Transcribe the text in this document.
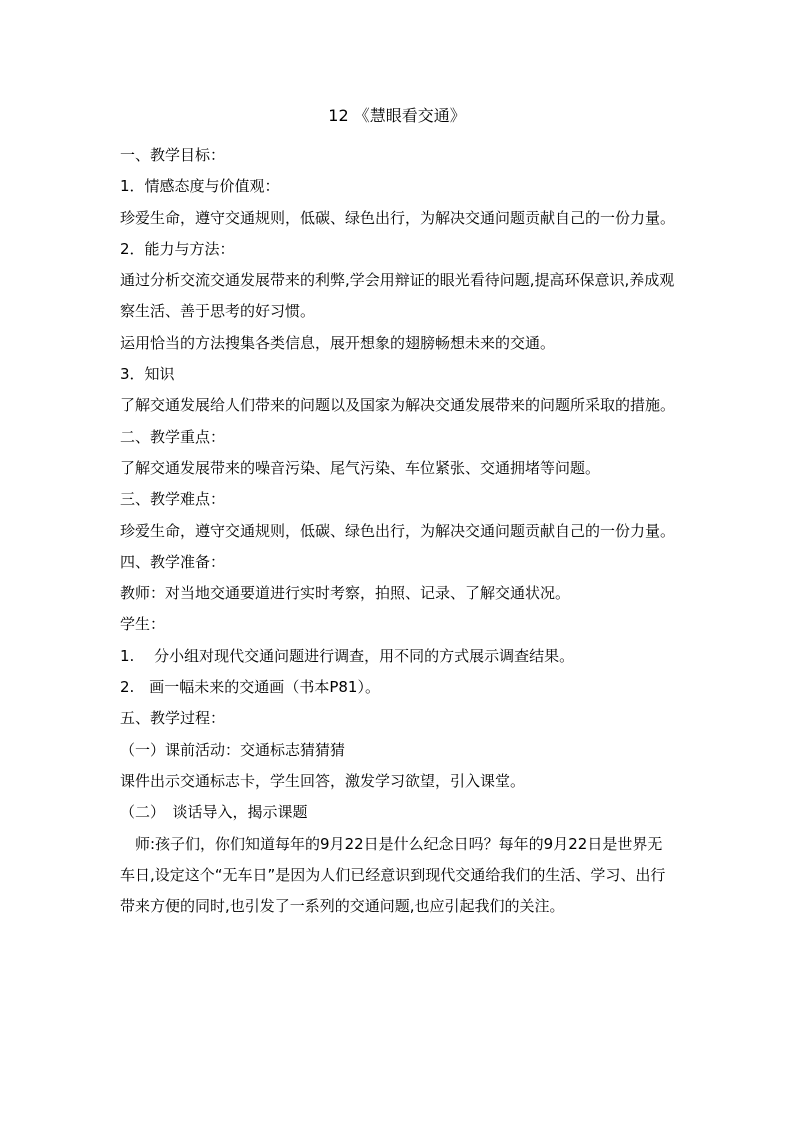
12 《慧眼看交通》

一、教学目标：

1．情感态度与价值观：

珍爱生命，遵守交通规则，低碳、绿色出行，为解决交通问题贡献自己的一份力量。

2．能力与方法：

通过分析交流交通发展带来的利弊,学会用辩证的眼光看待问题,提高环保意识,养成观察生活、善于思考的好习惯。

运用恰当的方法搜集各类信息，展开想象的翅膀畅想未来的交通。

3．知识

了解交通发展给人们带来的问题以及国家为解决交通发展带来的问题所采取的措施。

二、教学重点：

了解交通发展带来的噪音污染、尾气污染、车位紧张、交通拥堵等问题。

三、教学难点：

珍爱生命，遵守交通规则，低碳、绿色出行，为解决交通问题贡献自己的一份力量。

四、教学准备：

教师：对当地交通要道进行实时考察，拍照、记录、了解交通状况。

学生：

1.　 分小组对现代交通问题进行调查，用不同的方式展示调查结果。

2.　画一幅未来的交通画（书本P81）。

五、教学过程：

（一）课前活动：交通标志猜猜猜

课件出示交通标志卡，学生回答，激发学习欲望，引入课堂。

（二）　谈话导入，揭示课题

　师:孩子们，你们知道每年的9月22日是什么纪念日吗？每年的9月22日是世界无车日,设定这个“无车日”是因为人们已经意识到现代交通给我们的生活、学习、出行带来方便的同时,也引发了一系列的交通问题,也应引起我们的关注。
